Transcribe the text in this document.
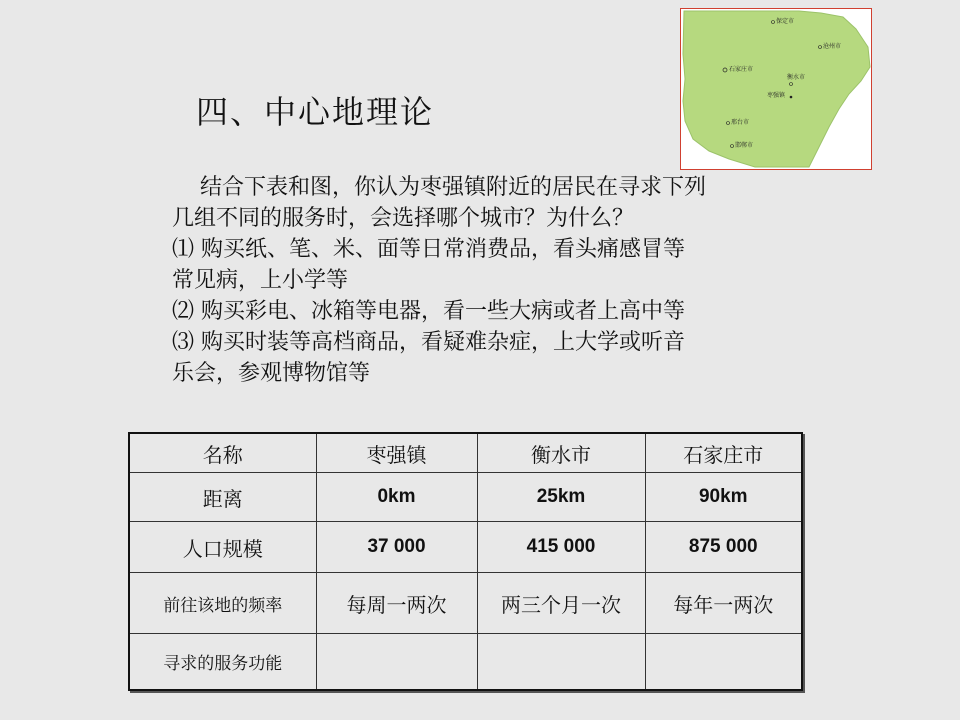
保定市
沧州市
石家庄市
衡水市
枣强镇
邢台市
邯郸市
四、中心地理论

结合下表和图，你认为枣强镇附近的居民在寻求下列

几组不同的服务时，会选择哪个城市？为什么？

⑴ 购买纸、笔、米、面等日常消费品，看头痛感冒等

常见病，上小学等

⑵ 购买彩电、冰箱等电器，看一些大病或者上高中等

⑶ 购买时装等高档商品，看疑难杂症，上大学或听音

乐会，参观博物馆等

名称	枣强镇	衡水市	石家庄市
距离	0km	25km	90km
人口规模	37 000	415 000	875 000
前往该地的频率	每周一两次	两三个月一次	每年一两次
寻求的服务功能			
